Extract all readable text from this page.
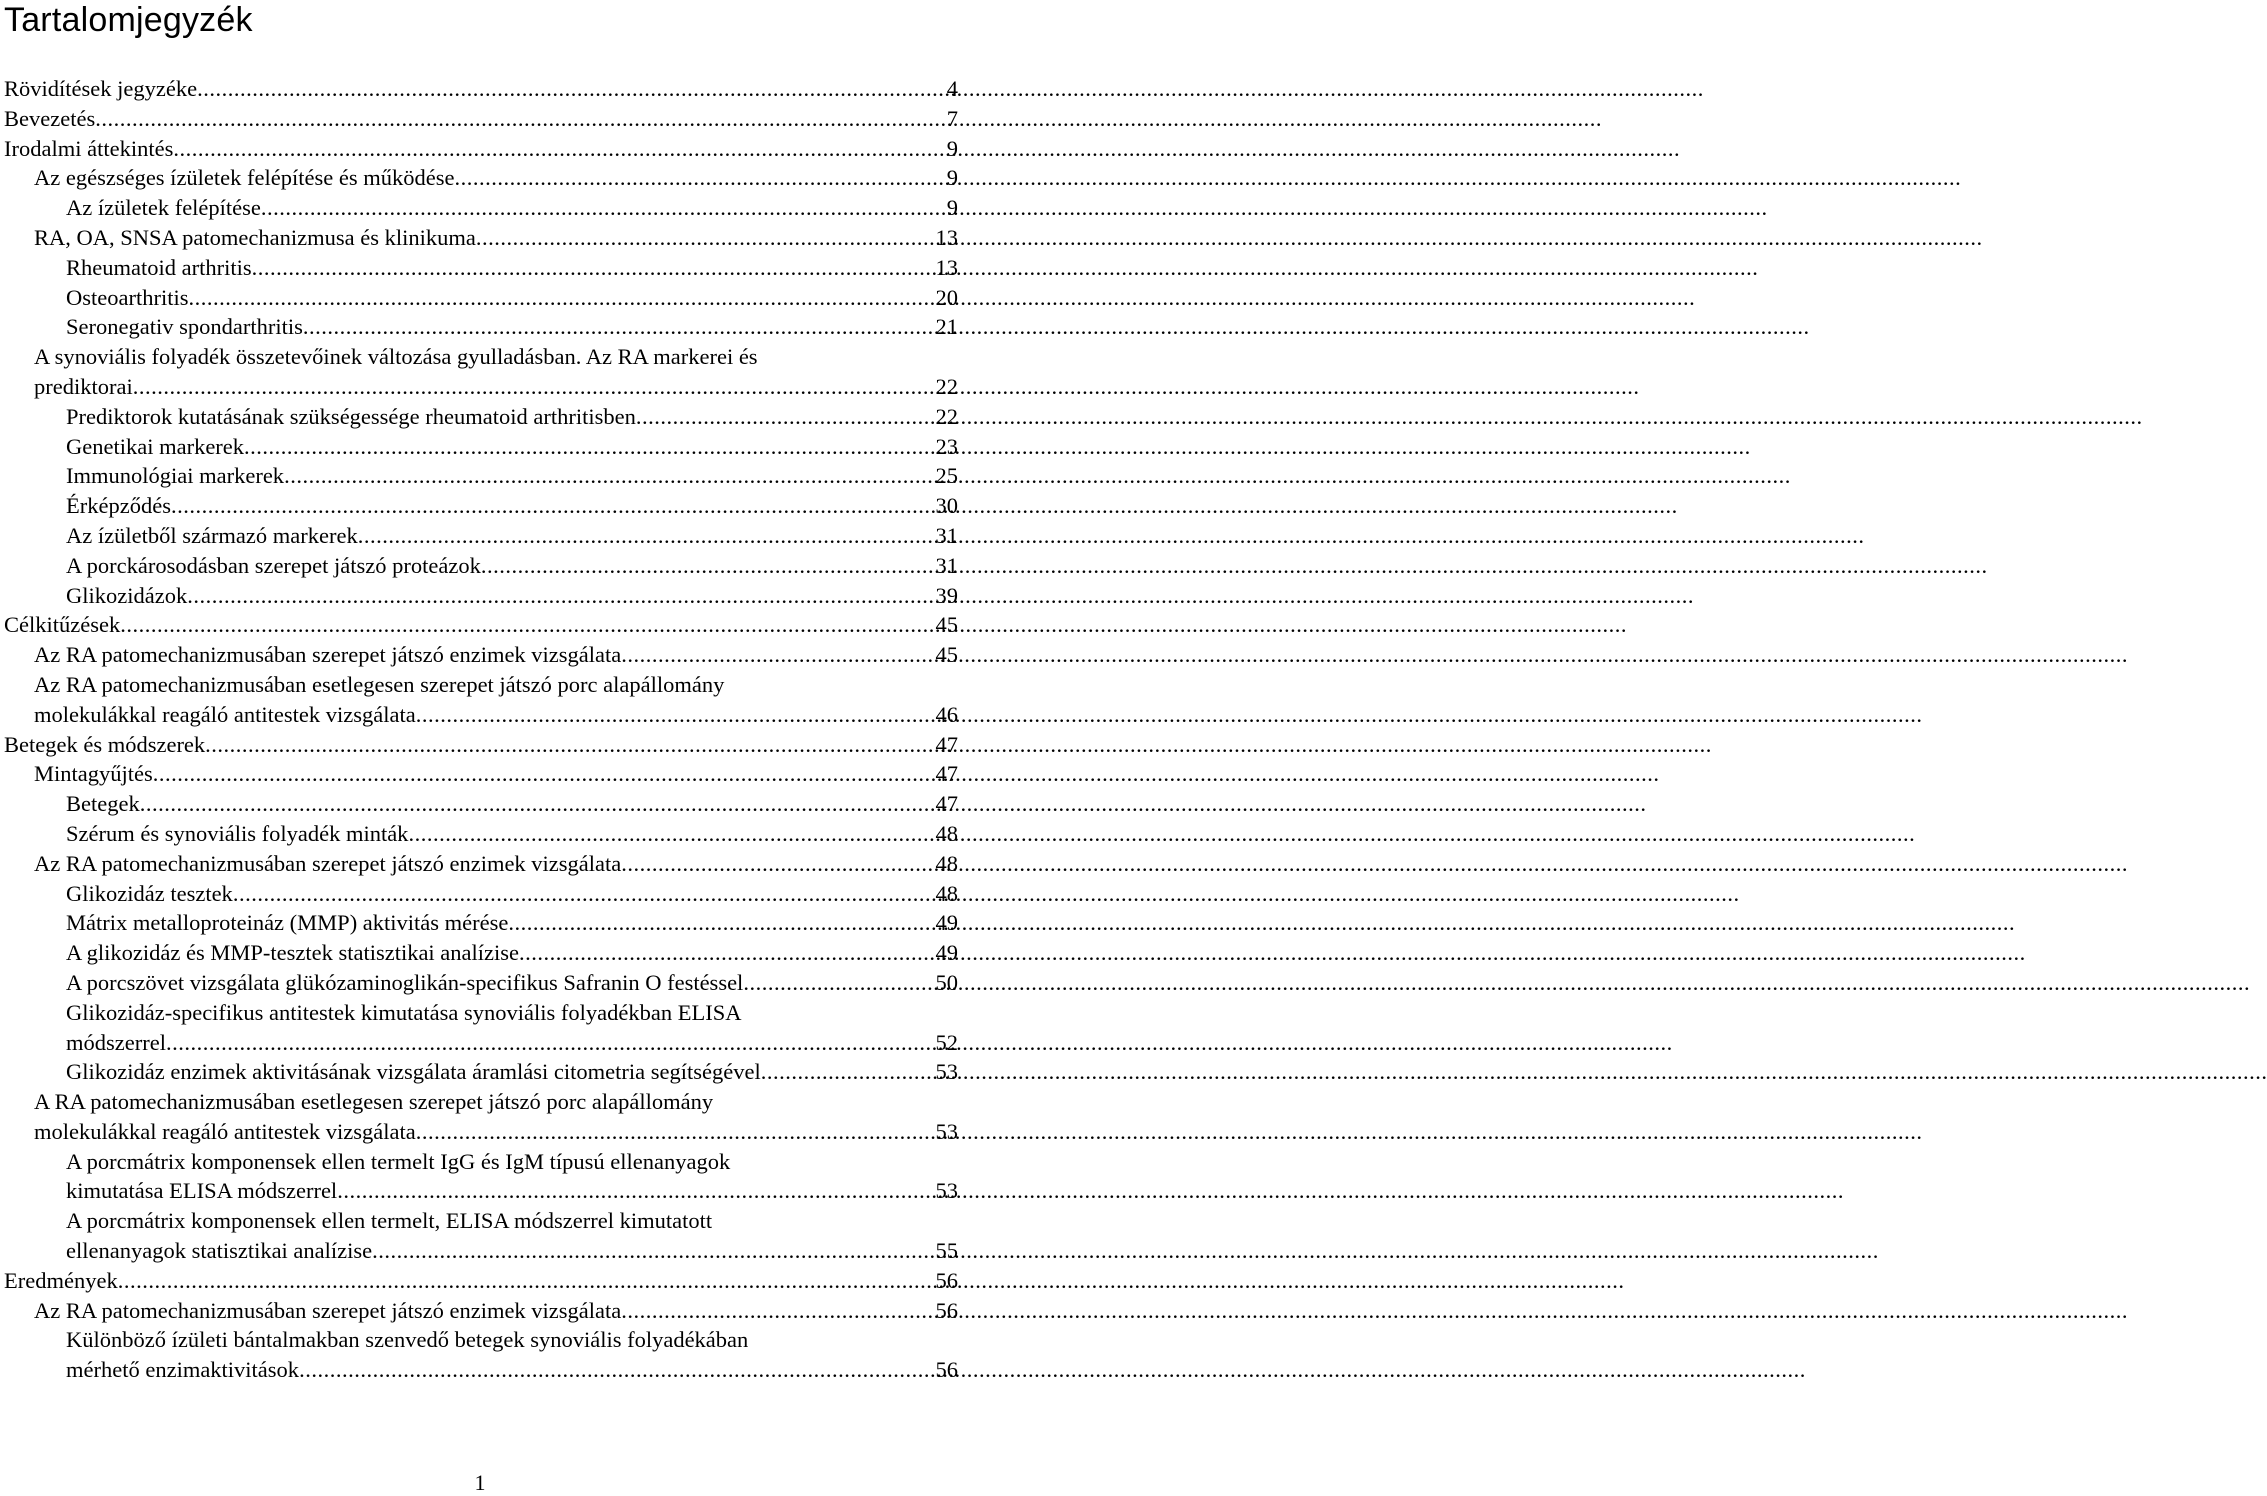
Tartalomjegyzék
Rövidítések jegyzéke .....	4
Bevezetés .....	7
Irodalmi áttekintés .....	9
Az egészséges ízületek felépítése és működése .....	9
Az ízületek felépítése .....	9
RA, OA, SNSA patomechanizmusa és klinikuma .....	13
Rheumatoid arthritis .....	13
Osteoarthritis .....	20
Seronegativ spondarthritis .....	21
A synoviális folyadék összetevőinek változása gyulladásban. Az RA markerei és
prediktorai .....	22
Prediktorok kutatásának szükségessége rheumatoid arthritisben .....	22
Genetikai markerek .....	23
Immunológiai markerek .....	25
Érképződés .....	30
Az ízületből származó markerek .....	31
A porckárosodásban szerepet játszó proteázok .....	31
Glikozidázok .....	39
Célkitűzések .....	45
Az RA patomechanizmusában szerepet játszó enzimek vizsgálata .....	45
Az RA patomechanizmusában esetlegesen szerepet játszó porc alapállomány
molekulákkal reagáló antitestek vizsgálata .....	46
Betegek és módszerek .....	47
Mintagyűjtés .....	47
Betegek .....	47
Szérum és synoviális folyadék minták .....	48
Az RA patomechanizmusában szerepet játszó enzimek vizsgálata .....	48
Glikozidáz tesztek .....	48
Mátrix metalloproteináz (MMP) aktivitás mérése .....	49
A glikozidáz és MMP-tesztek statisztikai analízise .....	49
A porcszövet vizsgálata glükózaminoglikán-specifikus Safranin O festéssel .....	50
Glikozidáz-specifikus antitestek kimutatása synoviális folyadékban ELISA
módszerrel .....	52
Glikozidáz enzimek aktivitásának vizsgálata áramlási citometria segítségével .....	53
A RA patomechanizmusában esetlegesen szerepet játszó porc alapállomány
molekulákkal reagáló antitestek vizsgálata .....	53
A porcmátrix komponensek ellen termelt IgG és IgM típusú ellenanyagok
kimutatása ELISA módszerrel .....	53
A porcmátrix komponensek ellen termelt, ELISA módszerrel kimutatott
ellenanyagok statisztikai analízise .....	55
Eredmények .....	56
Az RA patomechanizmusában szerepet játszó enzimek vizsgálata .....	56
Különböző ízületi bántalmakban szenvedő betegek synoviális folyadékában
mérhető enzimaktivitások .....	56
1
